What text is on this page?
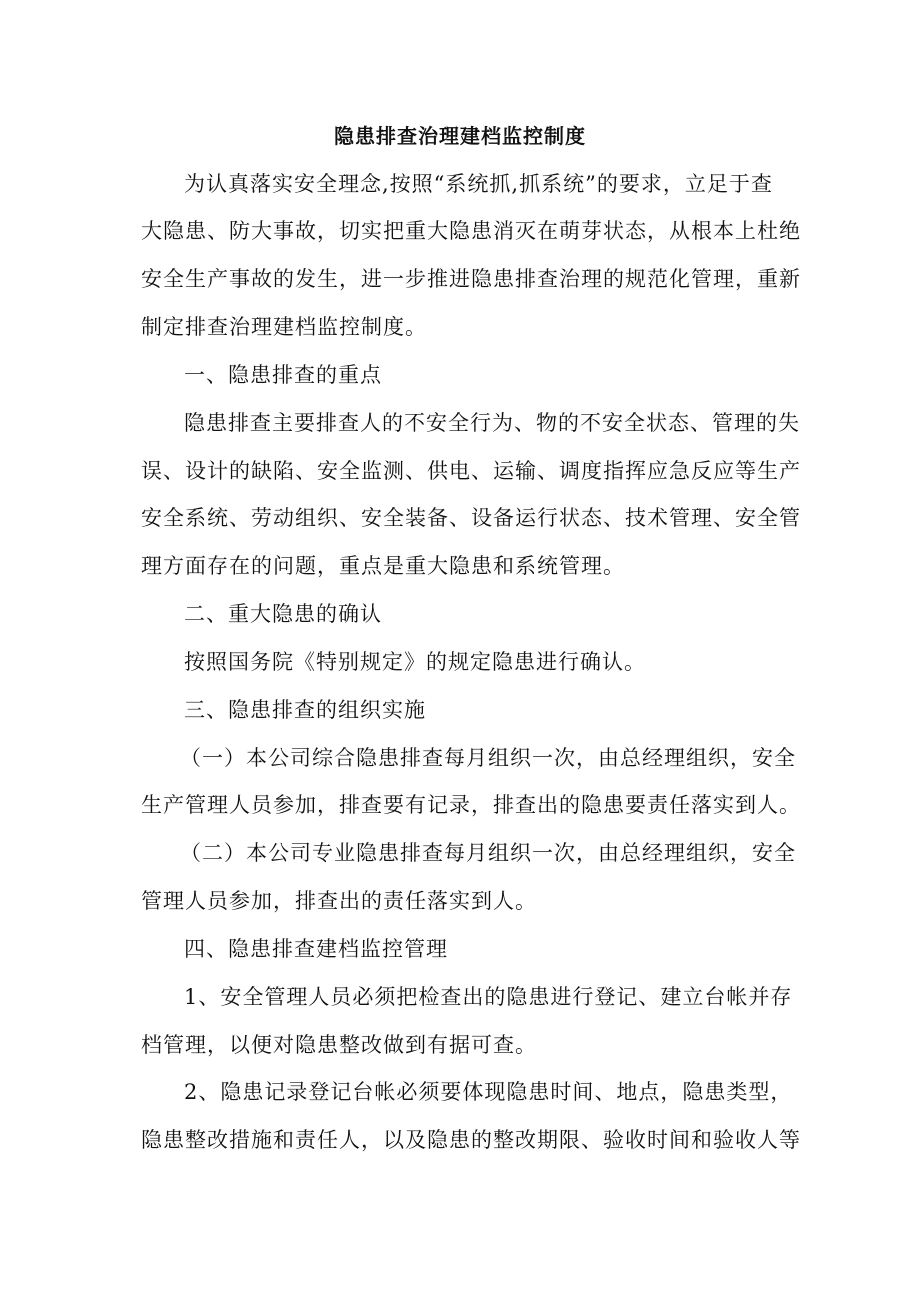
隐患排查治理建档监控制度
为认真落实安全理念,按照“系统抓,抓系统”的要求，立足于查
大隐患、防大事故，切实把重大隐患消灭在萌芽状态，从根本上杜绝
安全生产事故的发生，进一步推进隐患排查治理的规范化管理，重新
制定排查治理建档监控制度。
一、隐患排查的重点
隐患排查主要排查人的不安全行为、物的不安全状态、管理的失
误、设计的缺陷、安全监测、供电、运输、调度指挥应急反应等生产
安全系统、劳动组织、安全装备、设备运行状态、技术管理、安全管
理方面存在的问题，重点是重大隐患和系统管理。
二、重大隐患的确认
按照国务院《特别规定》的规定隐患进行确认。
三、隐患排查的组织实施
（一）本公司综合隐患排查每月组织一次，由总经理组织，安全
生产管理人员参加，排查要有记录，排查出的隐患要责任落实到人。
（二）本公司专业隐患排查每月组织一次，由总经理组织，安全
管理人员参加，排查出的责任落实到人。
四、隐患排查建档监控管理
1、安全管理人员必须把检查出的隐患进行登记、建立台帐并存
档管理，以便对隐患整改做到有据可查。
2、隐患记录登记台帐必须要体现隐患时间、地点，隐患类型，
隐患整改措施和责任人，以及隐患的整改期限、验收时间和验收人等
